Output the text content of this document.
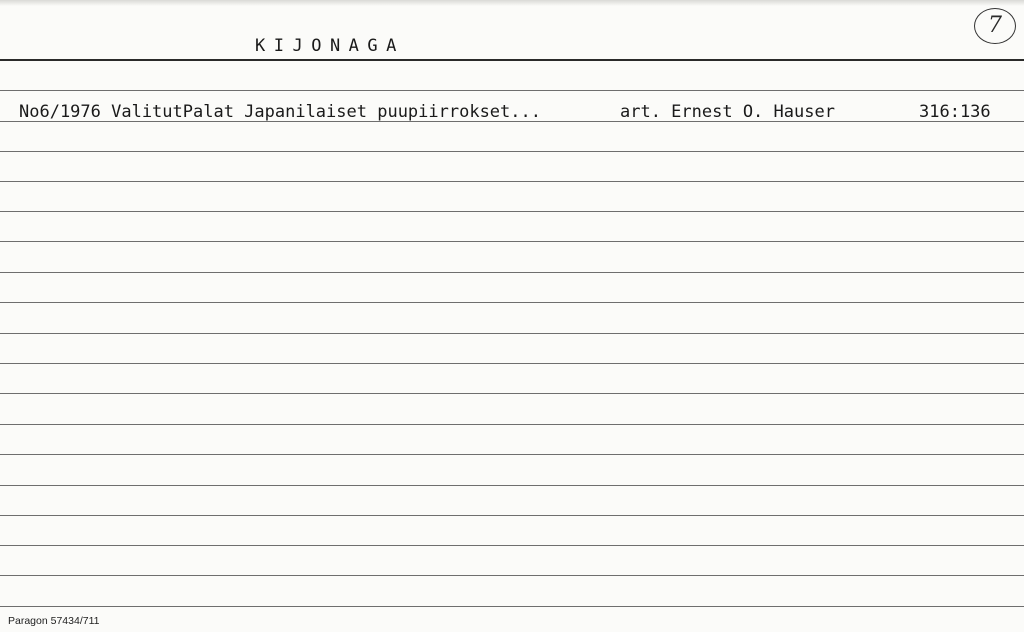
KIJONAGA
7
No6/1976 ValitutPalat Japanilaiset puupiirrokset...	art. Ernest O. Hauser	316:136
Paragon 57434/711
